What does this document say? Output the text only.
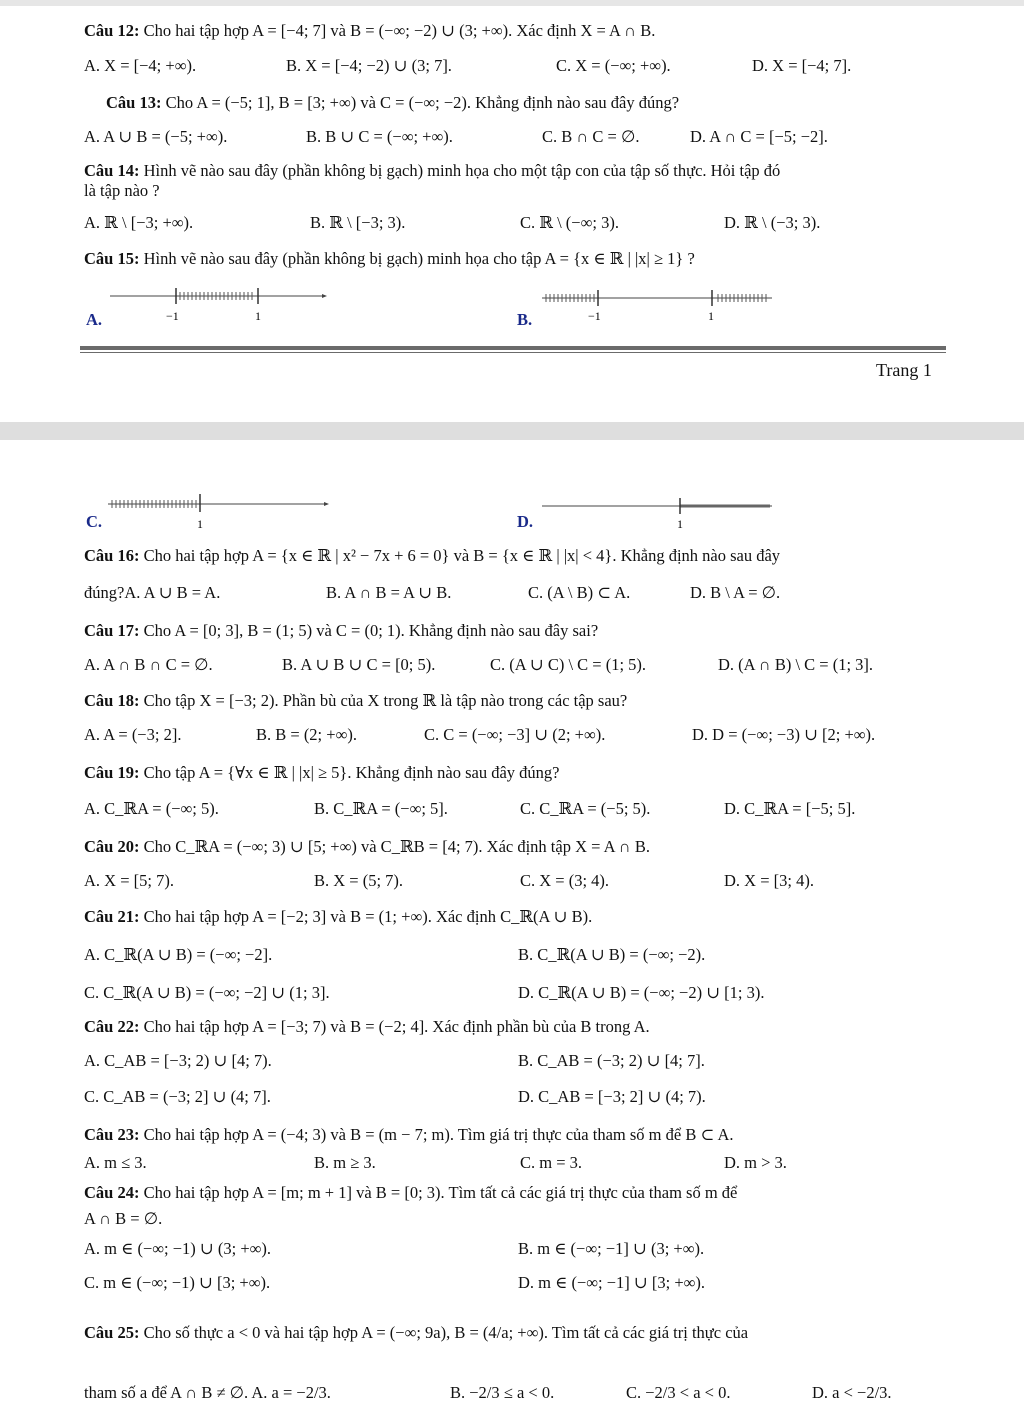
Câu 12: Cho hai tập hợp A = [−4; 7] và B = (−∞; −2) ∪ (3; +∞). Xác định X = A ∩ B.
A. X = [−4; +∞).	B. X = [−4; −2) ∪ (3; 7].	C. X = (−∞; +∞).	D. X = [−4; 7].
Câu 13: Cho A = (−5; 1], B = [3; +∞) và C = (−∞; −2). Khẳng định nào sau đây đúng?
A. A ∪ B = (−5; +∞).	B. B ∪ C = (−∞; +∞).	C. B ∩ C = ∅.	D. A ∩ C = [−5; −2].
Câu 14: Hình vẽ nào sau đây (phần không bị gạch) minh họa cho một tập con của tập số thực. Hỏi tập đó
là tập nào ?
A. ℝ \ [−3; +∞).	B. ℝ \ [−3; 3).	C. ℝ \ (−∞; 3).	D. ℝ \ (−3; 3).
Câu 15: Hình vẽ nào sau đây (phần không bị gạch) minh họa cho tập A = {x ∈ ℝ | |x| ≥ 1} ?
A.	−1	1	B.	−1	1
Trang 1
C.	1	D.	1
Câu 16: Cho hai tập hợp A = {x ∈ ℝ | x² − 7x + 6 = 0} và B = {x ∈ ℝ | |x| < 4}. Khẳng định nào sau đây
đúng?A. A ∪ B = A.	B. A ∩ B = A ∪ B.	C. (A \ B) ⊂ A.	D. B \ A = ∅.
Câu 17: Cho A = [0; 3], B = (1; 5) và C = (0; 1). Khẳng định nào sau đây sai?
A. A ∩ B ∩ C = ∅.	B. A ∪ B ∪ C = [0; 5).	C. (A ∪ C) \ C = (1; 5).	D. (A ∩ B) \ C = (1; 3].
Câu 18: Cho tập X = [−3; 2). Phần bù của X trong ℝ là tập nào trong các tập sau?
A. A = (−3; 2].	B. B = (2; +∞).	C. C = (−∞; −3] ∪ (2; +∞).	D. D = (−∞; −3) ∪ [2; +∞).
Câu 19: Cho tập A = {∀x ∈ ℝ | |x| ≥ 5}. Khẳng định nào sau đây đúng?
A. C_ℝA = (−∞; 5).	B. C_ℝA = (−∞; 5].	C. C_ℝA = (−5; 5).	D. C_ℝA = [−5; 5].
Câu 20: Cho C_ℝA = (−∞; 3) ∪ [5; +∞) và C_ℝB = [4; 7). Xác định tập X = A ∩ B.
A. X = [5; 7).	B. X = (5; 7).	C. X = (3; 4).	D. X = [3; 4).
Câu 21: Cho hai tập hợp A = [−2; 3] và B = (1; +∞). Xác định C_ℝ(A ∪ B).
A. C_ℝ(A ∪ B) = (−∞; −2].	B. C_ℝ(A ∪ B) = (−∞; −2).
C. C_ℝ(A ∪ B) = (−∞; −2] ∪ (1; 3].	D. C_ℝ(A ∪ B) = (−∞; −2) ∪ [1; 3).
Câu 22: Cho hai tập hợp A = [−3; 7) và B = (−2; 4]. Xác định phần bù của B trong A.
A. C_AB = [−3; 2) ∪ [4; 7).	B. C_AB = (−3; 2) ∪ [4; 7].
C. C_AB = (−3; 2] ∪ (4; 7].	D. C_AB = [−3; 2] ∪ (4; 7).
Câu 23: Cho hai tập hợp A = (−4; 3) và B = (m − 7; m). Tìm giá trị thực của tham số m để B ⊂ A.
A. m ≤ 3.	B. m ≥ 3.	C. m = 3.	D. m > 3.
Câu 24: Cho hai tập hợp A = [m; m + 1] và B = [0; 3). Tìm tất cả các giá trị thực của tham số m để
A ∩ B = ∅.
A. m ∈ (−∞; −1) ∪ (3; +∞).	B. m ∈ (−∞; −1] ∪ (3; +∞).
C. m ∈ (−∞; −1) ∪ [3; +∞).	D. m ∈ (−∞; −1] ∪ [3; +∞).
Câu 25: Cho số thực a < 0 và hai tập hợp A = (−∞; 9a), B = (4/a; +∞). Tìm tất cả các giá trị thực của
tham số a để A ∩ B ≠ ∅. A. a = −2/3.	B. −2/3 ≤ a < 0.	C. −2/3 < a < 0.	D. a < −2/3.
